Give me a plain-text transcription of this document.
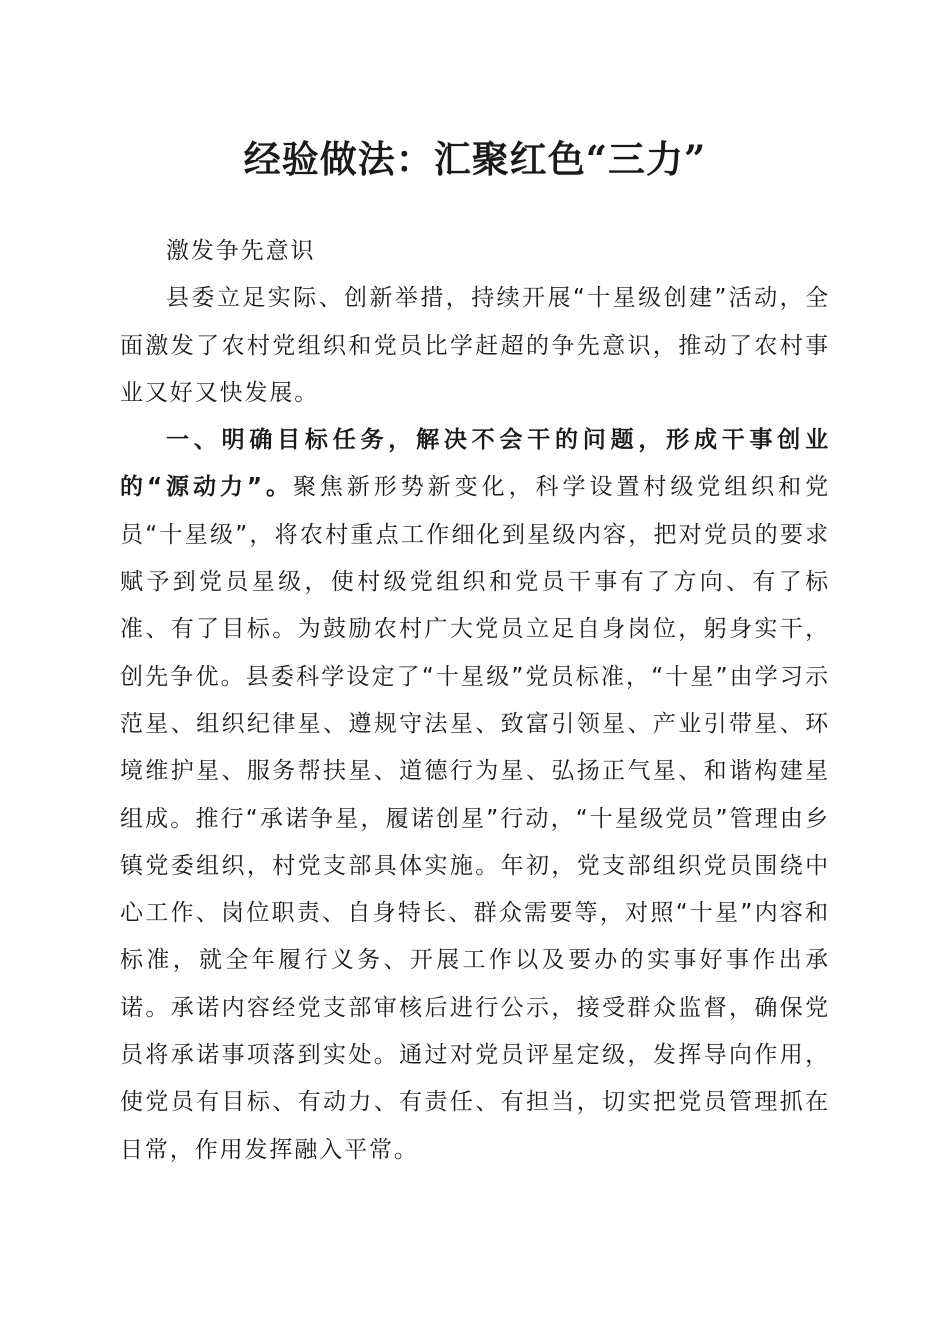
经验做法：汇聚红色“三力”

激发争先意识

县委立足实际、创新举措，持续开展“十星级创建”活动，全面激发了农村党组织和党员比学赶超的争先意识，推动了农村事业又好又快发展。

一、明确目标任务，解决不会干的问题，形成干事创业的“源动力”。聚焦新形势新变化，科学设置村级党组织和党员“十星级”，将农村重点工作细化到星级内容，把对党员的要求赋予到党员星级，使村级党组织和党员干事有了方向、有了标准、有了目标。为鼓励农村广大党员立足自身岗位，躬身实干，创先争优。县委科学设定了“十星级”党员标准，“十星”由学习示范星、组织纪律星、遵规守法星、致富引领星、产业引带星、环境维护星、服务帮扶星、道德行为星、弘扬正气星、和谐构建星组成。推行“承诺争星，履诺创星”行动，“十星级党员”管理由乡镇党委组织，村党支部具体实施。年初，党支部组织党员围绕中心工作、岗位职责、自身特长、群众需要等，对照“十星”内容和标准，就全年履行义务、开展工作以及要办的实事好事作出承诺。承诺内容经党支部审核后进行公示，接受群众监督，确保党员将承诺事项落到实处。通过对党员评星定级，发挥导向作用，使党员有目标、有动力、有责任、有担当，切实把党员管理抓在日常，作用发挥融入平常。
